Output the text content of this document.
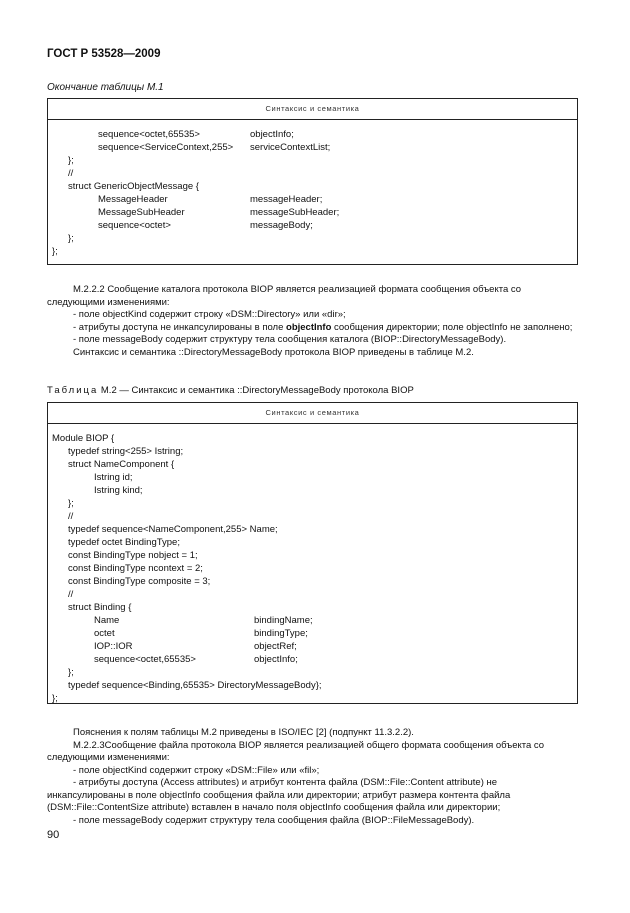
ГОСТ Р 53528—2009
Окончание таблицы М.1
Синтаксис и семантика
sequence<octet,65535>	objectInfo;
sequence<ServiceContext,255> serviceContextList;
};
//
struct GenericObjectMessage {
MessageHeader	messageHeader;
MessageSubHeader	messageSubHeader;
sequence<octet>	messageBody;
};
};

М.2.2.2 Сообщение каталога протокола BIOP является реализацией формата сообщения объекта со следующими изменениями:

- поле objectKind содержит строку «DSM::Directory» или «dir»;

- атрибуты доступа не инкапсулированы в поле objectInfo сообщения директории; поле objectInfo не заполнено;

- поле messageBody содержит структуру тела сообщения каталога (BIOP::DirectoryMessageBody).

Синтаксис и семантика ::DirectoryMessageBody протокола BIOP приведены в таблице М.2.

Таблица М.2 — Синтаксис и семантика ::DirectoryMessageBody протокола BIOP
Синтаксис и семантика
Module BIOP {
typedef string<255> Istring;
struct NameComponent {
Istring id;
Istring kind;
};
//
typedef sequence<NameComponent,255> Name;
typedef octet BindingType;
const BindingType nobject = 1;
const BindingType ncontext = 2;
const BindingType composite = 3;
//
struct Binding {
Name	bindingName;
octet	bindingType;
IOP::IOR	objectRef;
sequence<octet,65535>	objectInfo;
};
typedef sequence<Binding,65535> DirectoryMessageBody};
};

Пояснения к полям таблицы М.2 приведены в ISO/IEC [2] (подпункт 11.3.2.2).

М.2.2.3Сообщение файла протокола BIOP является реализацией общего формата сообщения объекта со следующими изменениями:

- поле objectKind содержит строку «DSM::File» или «fil»;

- атрибуты доступа (Access attributes) и атрибут контента файла (DSM::File::Content attribute) не инкапсулированы в поле objectInfo сообщения файла или директории; атрибут размера контента файла (DSM::File::ContentSize attribute) вставлен в начало поля objectInfo сообщения файла или директории;

- поле messageBody содержит структуру тела сообщения файла (BIOP::FileMessageBody).

90
